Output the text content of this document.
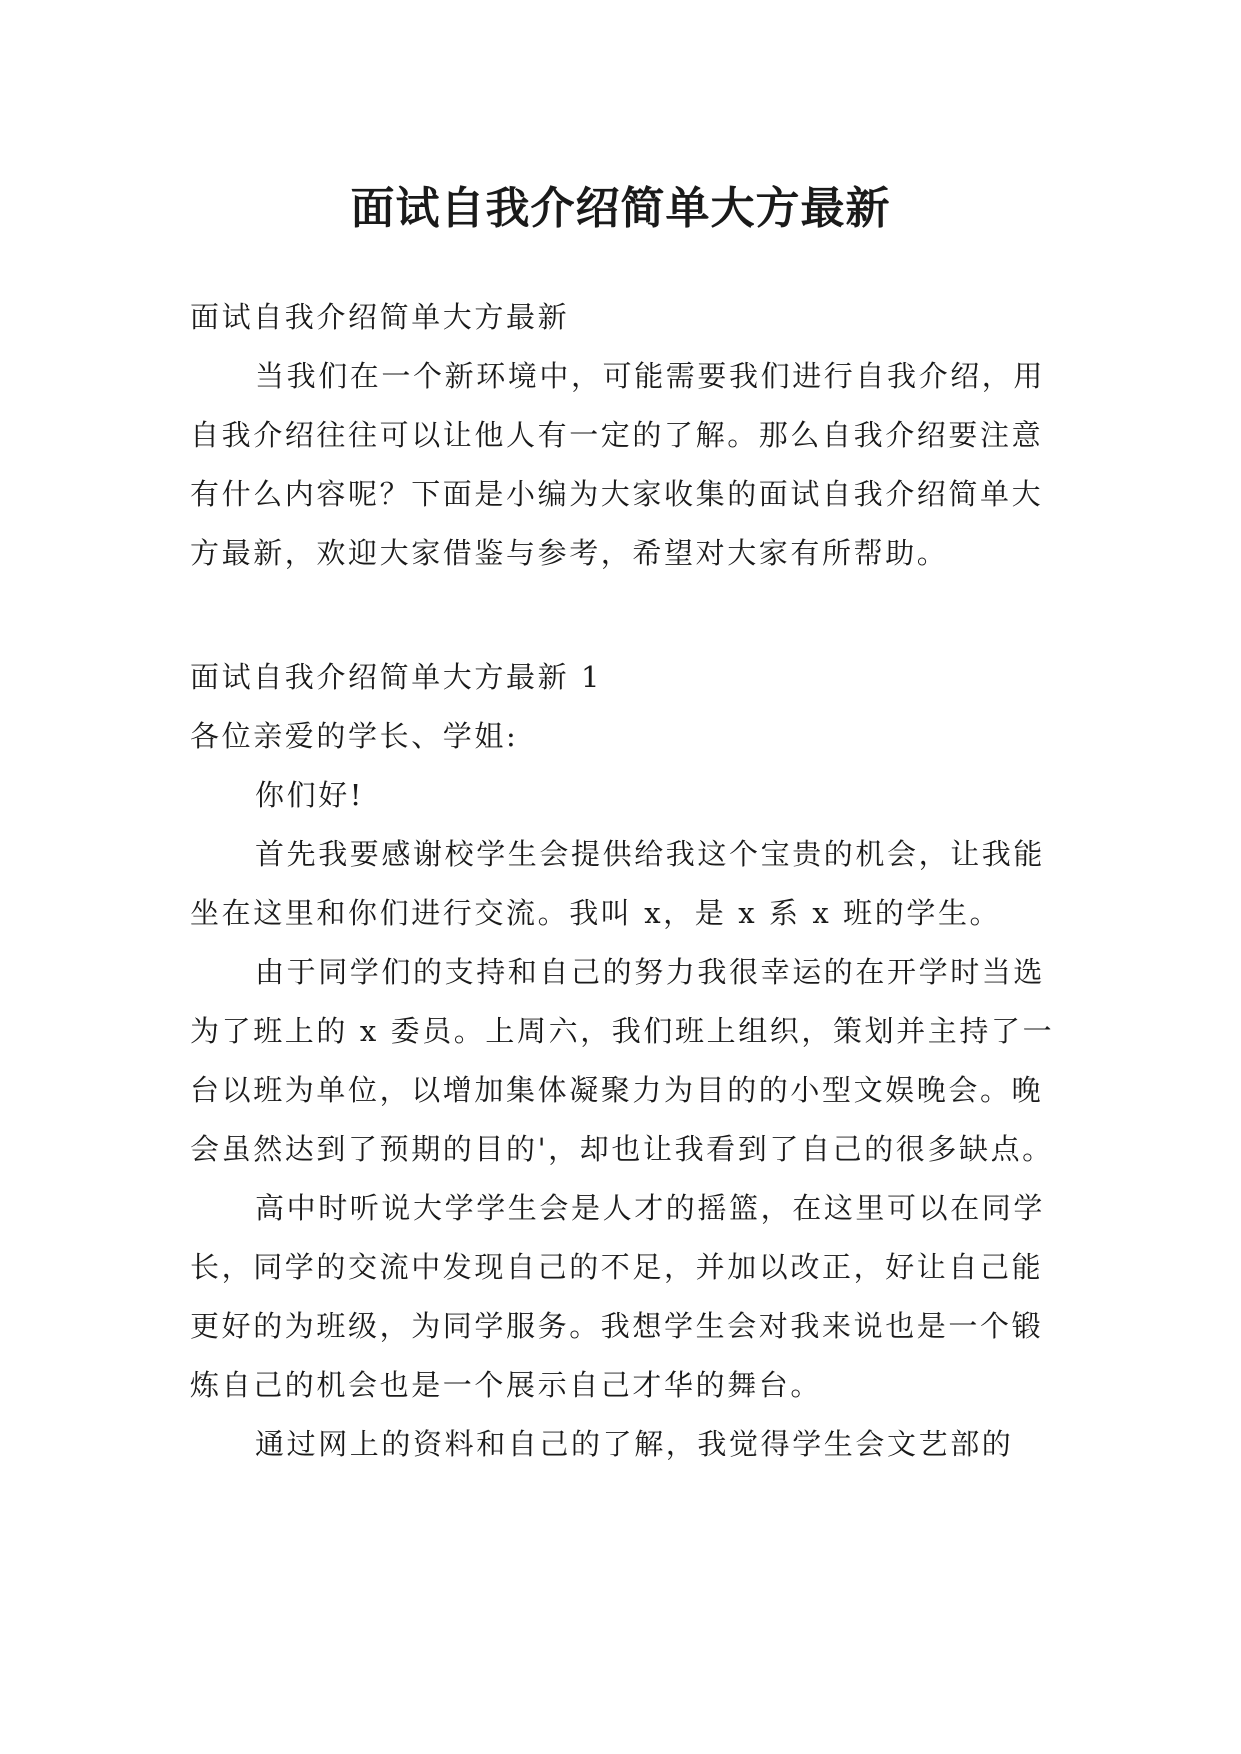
面试自我介绍简单大方最新

面试自我介绍简单大方最新

当我们在一个新环境中，可能需要我们进行自我介绍，用自我介绍往往可以让他人有一定的了解。那么自我介绍要注意有什么内容呢？下面是小编为大家收集的面试自我介绍简单大方最新，欢迎大家借鉴与参考，希望对大家有所帮助。

面试自我介绍简单大方最新 1

各位亲爱的学长、学姐:

你们好!

首先我要感谢校学生会提供给我这个宝贵的机会，让我能坐在这里和你们进行交流。我叫 x，是 x 系 x 班的学生。

由于同学们的支持和自己的努力我很幸运的在开学时当选为了班上的 x 委员。上周六，我们班上组织，策划并主持了一台以班为单位，以增加集体凝聚力为目的的小型文娱晚会。晚会虽然达到了预期的目的'，却也让我看到了自己的很多缺点。

高中时听说大学学生会是人才的摇篮，在这里可以在同学长，同学的交流中发现自己的不足，并加以改正，好让自己能更好的为班级，为同学服务。我想学生会对我来说也是一个锻炼自己的机会也是一个展示自己才华的舞台。

通过网上的资料和自己的了解，我觉得学生会文艺部的
